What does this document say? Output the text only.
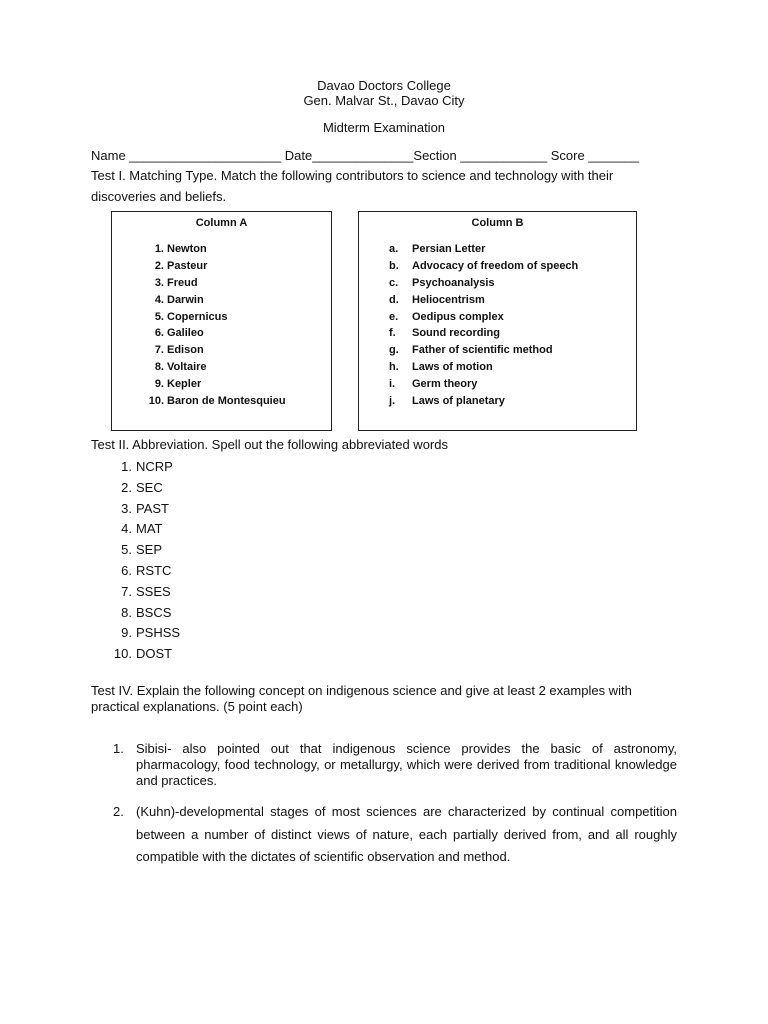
Davao Doctors College
Gen. Malvar St., Davao City
Midterm Examination
Name _____________________ Date______________Section ____________ Score _______
Test I. Matching Type. Match the following contributors to science and technology with their
discoveries and beliefs.
Column A
1. Newton
2. Pasteur
3. Freud
4. Darwin
5. Copernicus
6. Galileo
7. Edison
8. Voltaire
9. Kepler
10. Baron de Montesquieu
Column B
a. Persian Letter
b. Advocacy of freedom of speech
c. Psychoanalysis
d. Heliocentrism
e. Oedipus complex
f.	Sound recording
g. Father of scientific method
h. Laws of motion
i.	Germ theory
j.	Laws of planetary
Test II. Abbreviation. Spell out the following abbreviated words
1. NCRP
2. SEC
3. PAST
4. MAT
5. SEP
6. RSTC
7. SSES
8. BSCS
9. PSHSS
10. DOST
Test IV. Explain the following concept on indigenous science and give at least 2 examples with practical explanations. (5 point each)
1. Sibisi- also pointed out that indigenous science provides the basic of astronomy, pharmacology, food technology, or metallurgy, which were derived from traditional knowledge and practices.
2. (Kuhn)-developmental stages of most sciences are characterized by continual competition between a number of distinct views of nature, each partially derived from, and all roughly compatible with the dictates of scientific observation and method.
